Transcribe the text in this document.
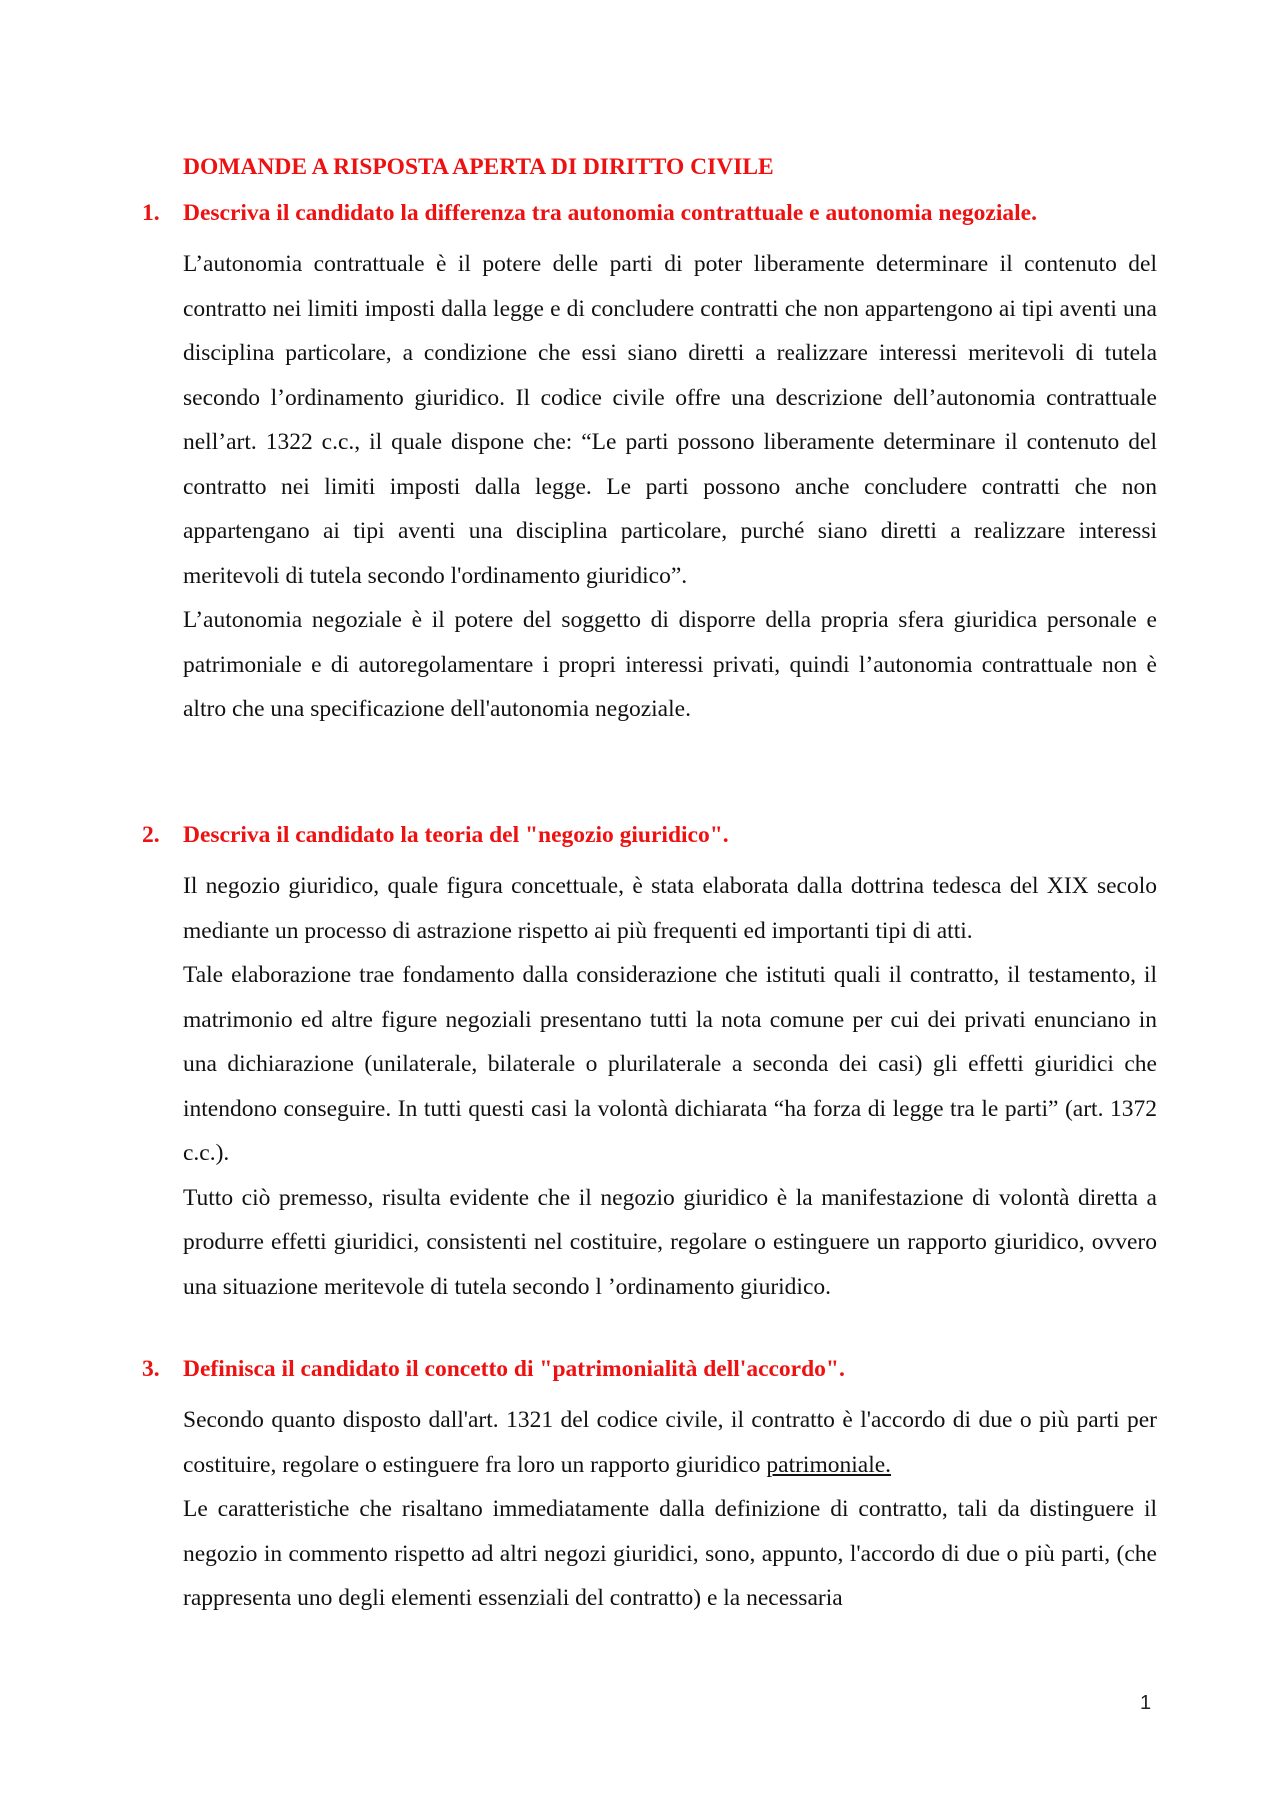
DOMANDE A RISPOSTA APERTA DI DIRITTO CIVILE
1. Descriva il candidato la differenza tra autonomia contrattuale e autonomia negoziale.

L’autonomia contrattuale è il potere delle parti di poter liberamente determinare il contenuto del contratto nei limiti imposti dalla legge e di concludere contratti che non appartengono ai tipi aventi una disciplina particolare, a condizione che essi siano diretti a realizzare interessi meritevoli di tutela secondo l’ordinamento giuridico. Il codice civile offre una descrizione dell’autonomia contrattuale nell’art. 1322 c.c., il quale dispone che: “Le parti possono liberamente determinare il contenuto del contratto nei limiti imposti dalla legge. Le parti possono anche concludere contratti che non appartengano ai tipi aventi una disciplina particolare, purché siano diretti a realizzare interessi meritevoli di tutela secondo l'ordinamento giuridico”.

L’autonomia negoziale è il potere del soggetto di disporre della propria sfera giuridica personale e patrimoniale e di autoregolamentare i propri interessi privati, quindi l’autonomia contrattuale non è altro che una specificazione dell'autonomia negoziale.

2. Descriva il candidato la teoria del "negozio giuridico".

Il negozio giuridico, quale figura concettuale, è stata elaborata dalla dottrina tedesca del XIX secolo mediante un processo di astrazione rispetto ai più frequenti ed importanti tipi di atti.

Tale elaborazione trae fondamento dalla considerazione che istituti quali il contratto, il testamento, il matrimonio ed altre figure negoziali presentano tutti la nota comune per cui dei privati enunciano in una dichiarazione (unilaterale, bilaterale o plurilaterale a seconda dei casi) gli effetti giuridici che intendono conseguire. In tutti questi casi la volontà dichiarata “ha forza di legge tra le parti” (art. 1372 c.c.).

Tutto ciò premesso, risulta evidente che il negozio giuridico è la manifestazione di volontà diretta a produrre effetti giuridici, consistenti nel costituire, regolare o estinguere un rapporto giuridico, ovvero una situazione meritevole di tutela secondo l ’ordinamento giuridico.

3. Definisca il candidato il concetto di "patrimonialità dell'accordo".

Secondo quanto disposto dall'art. 1321 del codice civile, il contratto è l'accordo di due o più parti per costituire, regolare o estinguere fra loro un rapporto giuridico patrimoniale.

Le caratteristiche che risaltano immediatamente dalla definizione di contratto, tali da distinguere il negozio in commento rispetto ad altri negozi giuridici, sono, appunto, l'accordo di due o più parti, (che rappresenta uno degli elementi essenziali del contratto) e la necessaria

1
